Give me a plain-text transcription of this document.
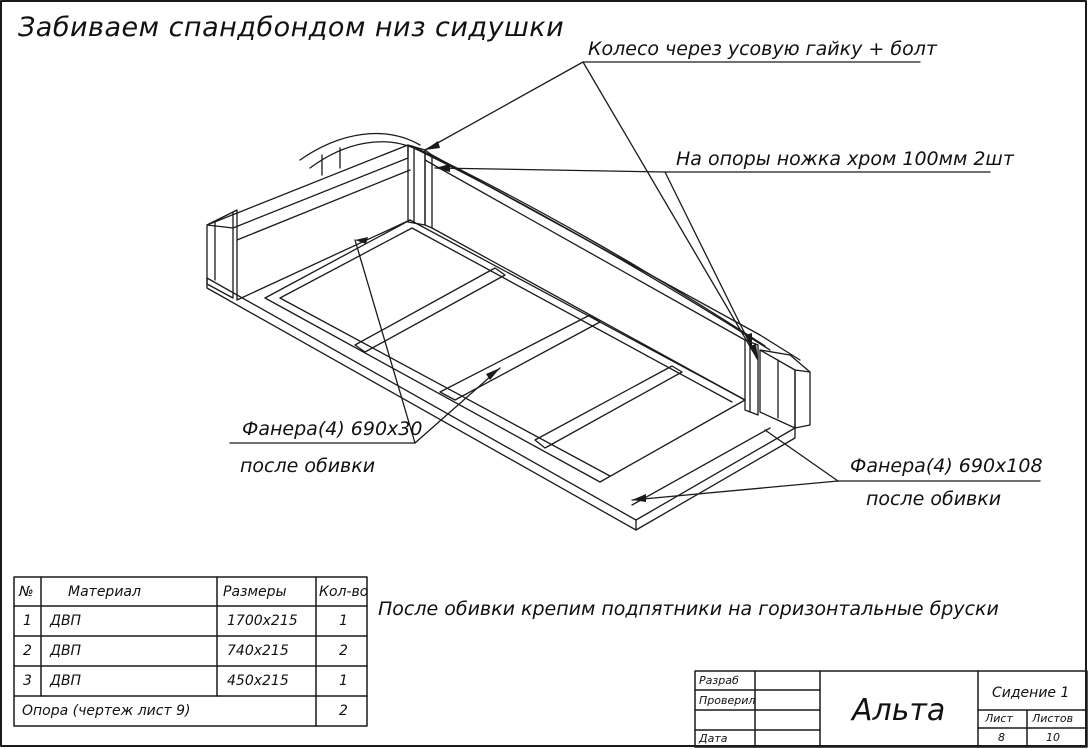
Забиваем спандбондом низ сидушки
Колесо через усовую гайку + болт
На опоры ножка хром 100мм 2шт
Фанера(4) 690х30
после обивки	Фанера(4) 690х108
после обивки
После обивки крепим подпятники на горизонтальные бруски
№ Материал	Размеры Кол-во
1 ДВП	1700х215	1
2 ДВП	740х215	2
3 ДВП	450х215	1
Опора (чертеж лист 9)	2
Разраб
Проверил
Дата
Альта	Сидение 1
Лист Листов
8	10
